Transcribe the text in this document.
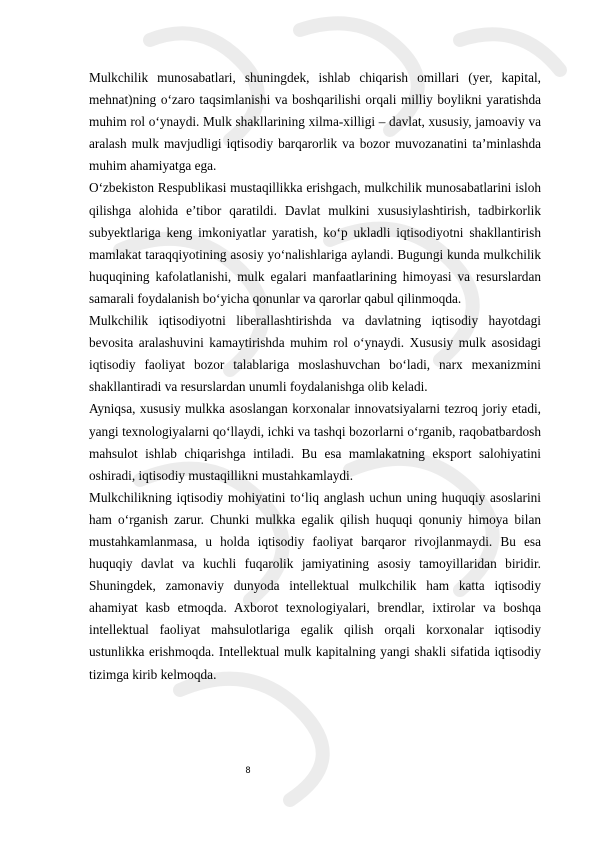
Mulkchilik munosabatlari, shuningdek, ishlab chiqarish omillari (yer, kapital, mehnat)ning o‘zaro taqsimlanishi va boshqarilishi orqali milliy boylikni yaratishda muhim rol o‘ynaydi. Mulk shakllarining xilma-xilligi – davlat, xususiy, jamoaviy va aralash mulk mavjudligi iqtisodiy barqarorlik va bozor muvozanatini ta’minlashda muhim ahamiyatga ega.

O‘zbekiston Respublikasi mustaqillikka erishgach, mulkchilik munosabatlarini isloh qilishga alohida e’tibor qaratildi. Davlat mulkini xususiylashtirish, tadbirkorlik subyektlariga keng imkoniyatlar yaratish, ko‘p ukladli iqtisodiyotni shakllantirish mamlakat taraqqiyotining asosiy yo‘nalishlariga aylandi. Bugungi kunda mulkchilik huquqining kafolatlanishi, mulk egalari manfaatlarining himoyasi va resurslardan samarali foydalanish bo‘yicha qonunlar va qarorlar qabul qilinmoqda.

Mulkchilik iqtisodiyotni liberallashtirishda va davlatning iqtisodiy hayotdagi bevosita aralashuvini kamaytirishda muhim rol o‘ynaydi. Xususiy mulk asosidagi iqtisodiy faoliyat bozor talablariga moslashuvchan bo‘ladi, narx mexanizmini shakllantiradi va resurslardan unumli foydalanishga olib keladi.

Ayniqsa, xususiy mulkka asoslangan korxonalar innovatsiyalarni tezroq joriy etadi, yangi texnologiyalarni qo‘llaydi, ichki va tashqi bozorlarni o‘rganib, raqobatbardosh mahsulot ishlab chiqarishga intiladi. Bu esa mamlakatning eksport salohiyatini oshiradi, iqtisodiy mustaqillikni mustahkamlaydi.

Mulkchilikning iqtisodiy mohiyatini to‘liq anglash uchun uning huquqiy asoslarini ham o‘rganish zarur. Chunki mulkka egalik qilish huquqi qonuniy himoya bilan mustahkamlanmasa, u holda iqtisodiy faoliyat barqaror rivojlanmaydi. Bu esa huquqiy davlat va kuchli fuqarolik jamiyatining asosiy tamoyillaridan biridir. Shuningdek, zamonaviy dunyoda intellektual mulkchilik ham katta iqtisodiy ahamiyat kasb etmoqda. Axborot texnologiyalari, brendlar, ixtirolar va boshqa intellektual faoliyat mahsulotlariga egalik qilish orqali korxonalar iqtisodiy ustunlikka erishmoqda. Intellektual mulk kapitalning yangi shakli sifatida iqtisodiy tizimga kirib kelmoqda.

8
